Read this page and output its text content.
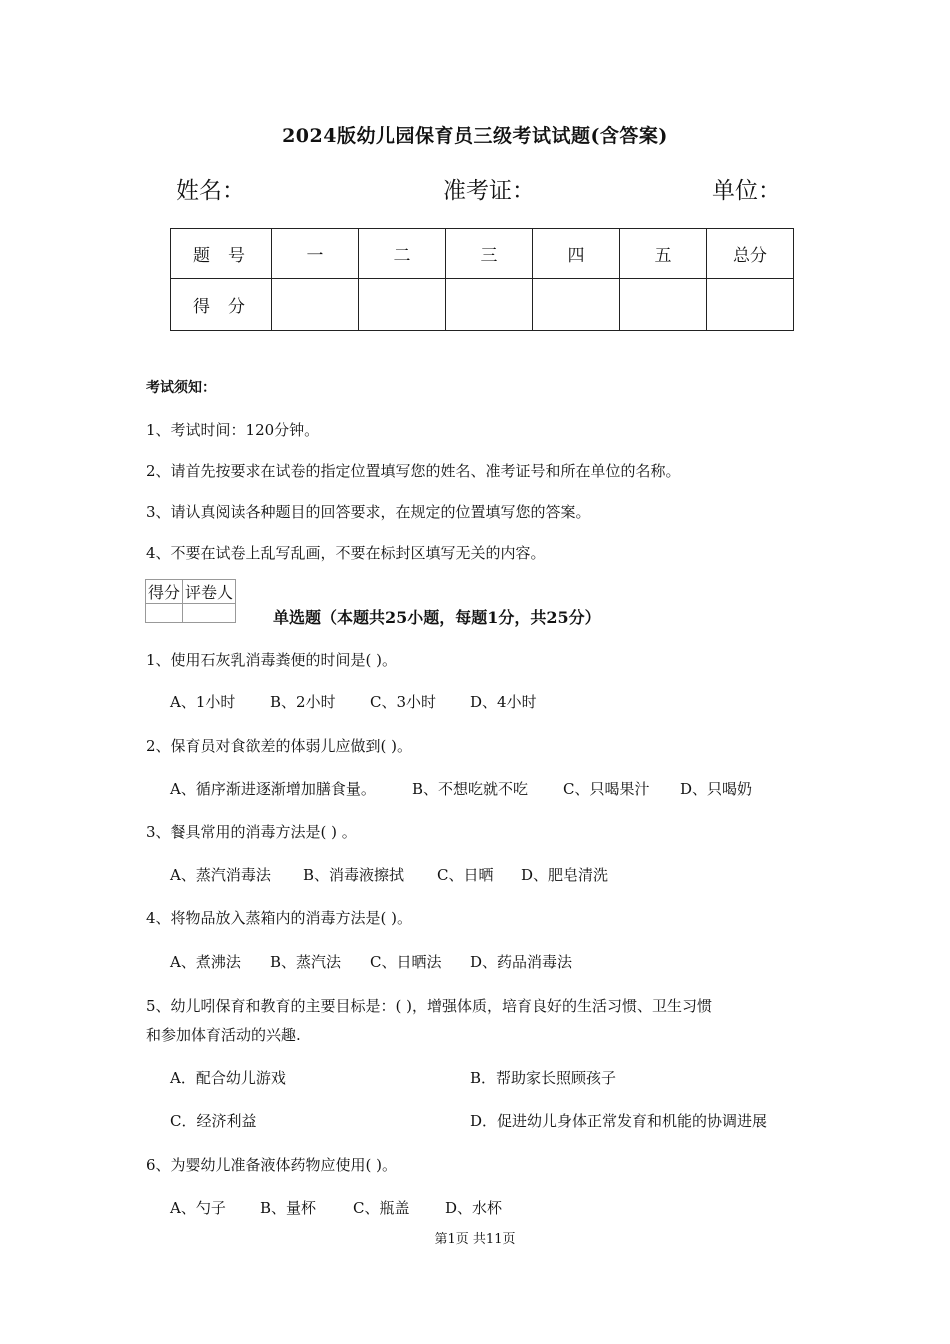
2024版幼儿园保育员三级考试试题(含答案)
姓名：	准考证：	单位：
题号	一	二	三	四	五	总分
得分						
考试须知：
1、考试时间：120分钟。
2、请首先按要求在试卷的指定位置填写您的姓名、准考证号和所在单位的名称。
3、请认真阅读各种题目的回答要求，在规定的位置填写您的答案。
4、不要在试卷上乱写乱画，不要在标封区填写无关的内容。
得分	评卷人

单选题（本题共25小题，每题1分，共25分）
1、使用石灰乳消毒粪便的时间是( )。
A、1小时 B、2小时 C、3小时 D、4小时
2、保育员对食欲差的体弱儿应做到( )。
A、循序渐进逐渐增加膳食量。 B、不想吃就不吃 C、只喝果汁 D、只喝奶
3、餐具常用的消毒方法是( ) 。
A、蒸汽消毒法 B、消毒液擦拭 C、日晒 D、肥皂清洗
4、将物品放入蒸箱内的消毒方法是( )。
A、煮沸法 B、蒸汽法 C、日晒法 D、药品消毒法
5、幼儿吲保育和教育的主要目标是：( )，增强体质，培育良好的生活习惯、卫生习惯
和参加体育活动的兴趣.
A．配合幼儿游戏	B．帮助家长照顾孩子
C．经济利益	D．促进幼儿身体正常发育和机能的协调进展
6、为婴幼儿准备液体药物应使用( )。
A、勺子 B、量杯 C、瓶盖 D、水杯
第1页 共11页
